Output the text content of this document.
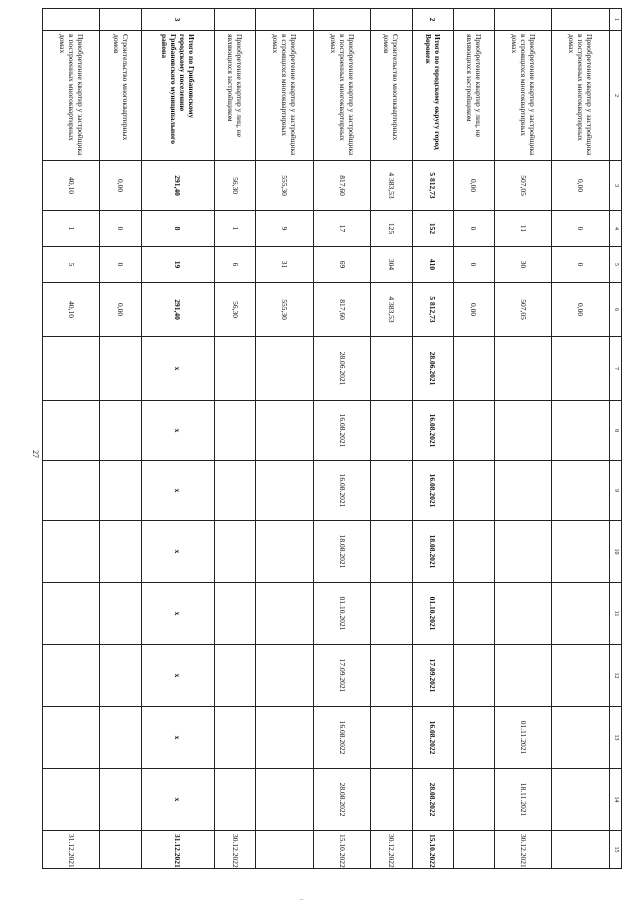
27
–
1	2	3	4	5	6	7	8	9	10	11	12	13	14	15
	Приобретение квартир у застройщика в построенных многоквартирных домах	0,00	0	0	0,00									
	Приобретение квартир у застройщика в строящихся многоквартирных домах	507,05	11	30	507,05							01.11.2021	18.11.2021	30.12.2021
	Приобретение квартир у лиц, не являющихся застройщиком	0,00	0	0	0,00									
2	Итого по городскому округу город Воронеж	5 812,73	152	410	5 812,73	28.06.2021	16.08.2021	16.08.2021	18.08.2021	01.10.2021	17.09.2021	16.08.2022	28.08.2022	15.10.2022
	Строительство многоквартирных домов	4 383,53	125	304	4 383,53									30.12.2022
	Приобретение квартир у застройщика в построенных многоквартирных домах	817,60	17	69	817,60	28.06.2021	16.08.2021	16.08.2021	18.08.2021	01.10.2021	17.09.2021	16.08.2022	28.08.2022	15.10.2022
	Приобретение квартир у застройщика в строящихся многоквартирных домах	555,30	9	31	555,30									
	Приобретение квартир у лиц, не являющихся застройщиком	56,30	1	6	56,30									30.12.2022
3	Итого по Грибановскому городскому поселению Грибановского муниципального района	291,40	8	19	291,40	x	x	x	x	x	x	x	x	31.12.2021
	Строительство многоквартирных домов	0,00	0	0	0,00									
	Приобретение квартир у застройщика в построенных многоквартирных домах	40,10	1	5	40,10									31.12.2021
